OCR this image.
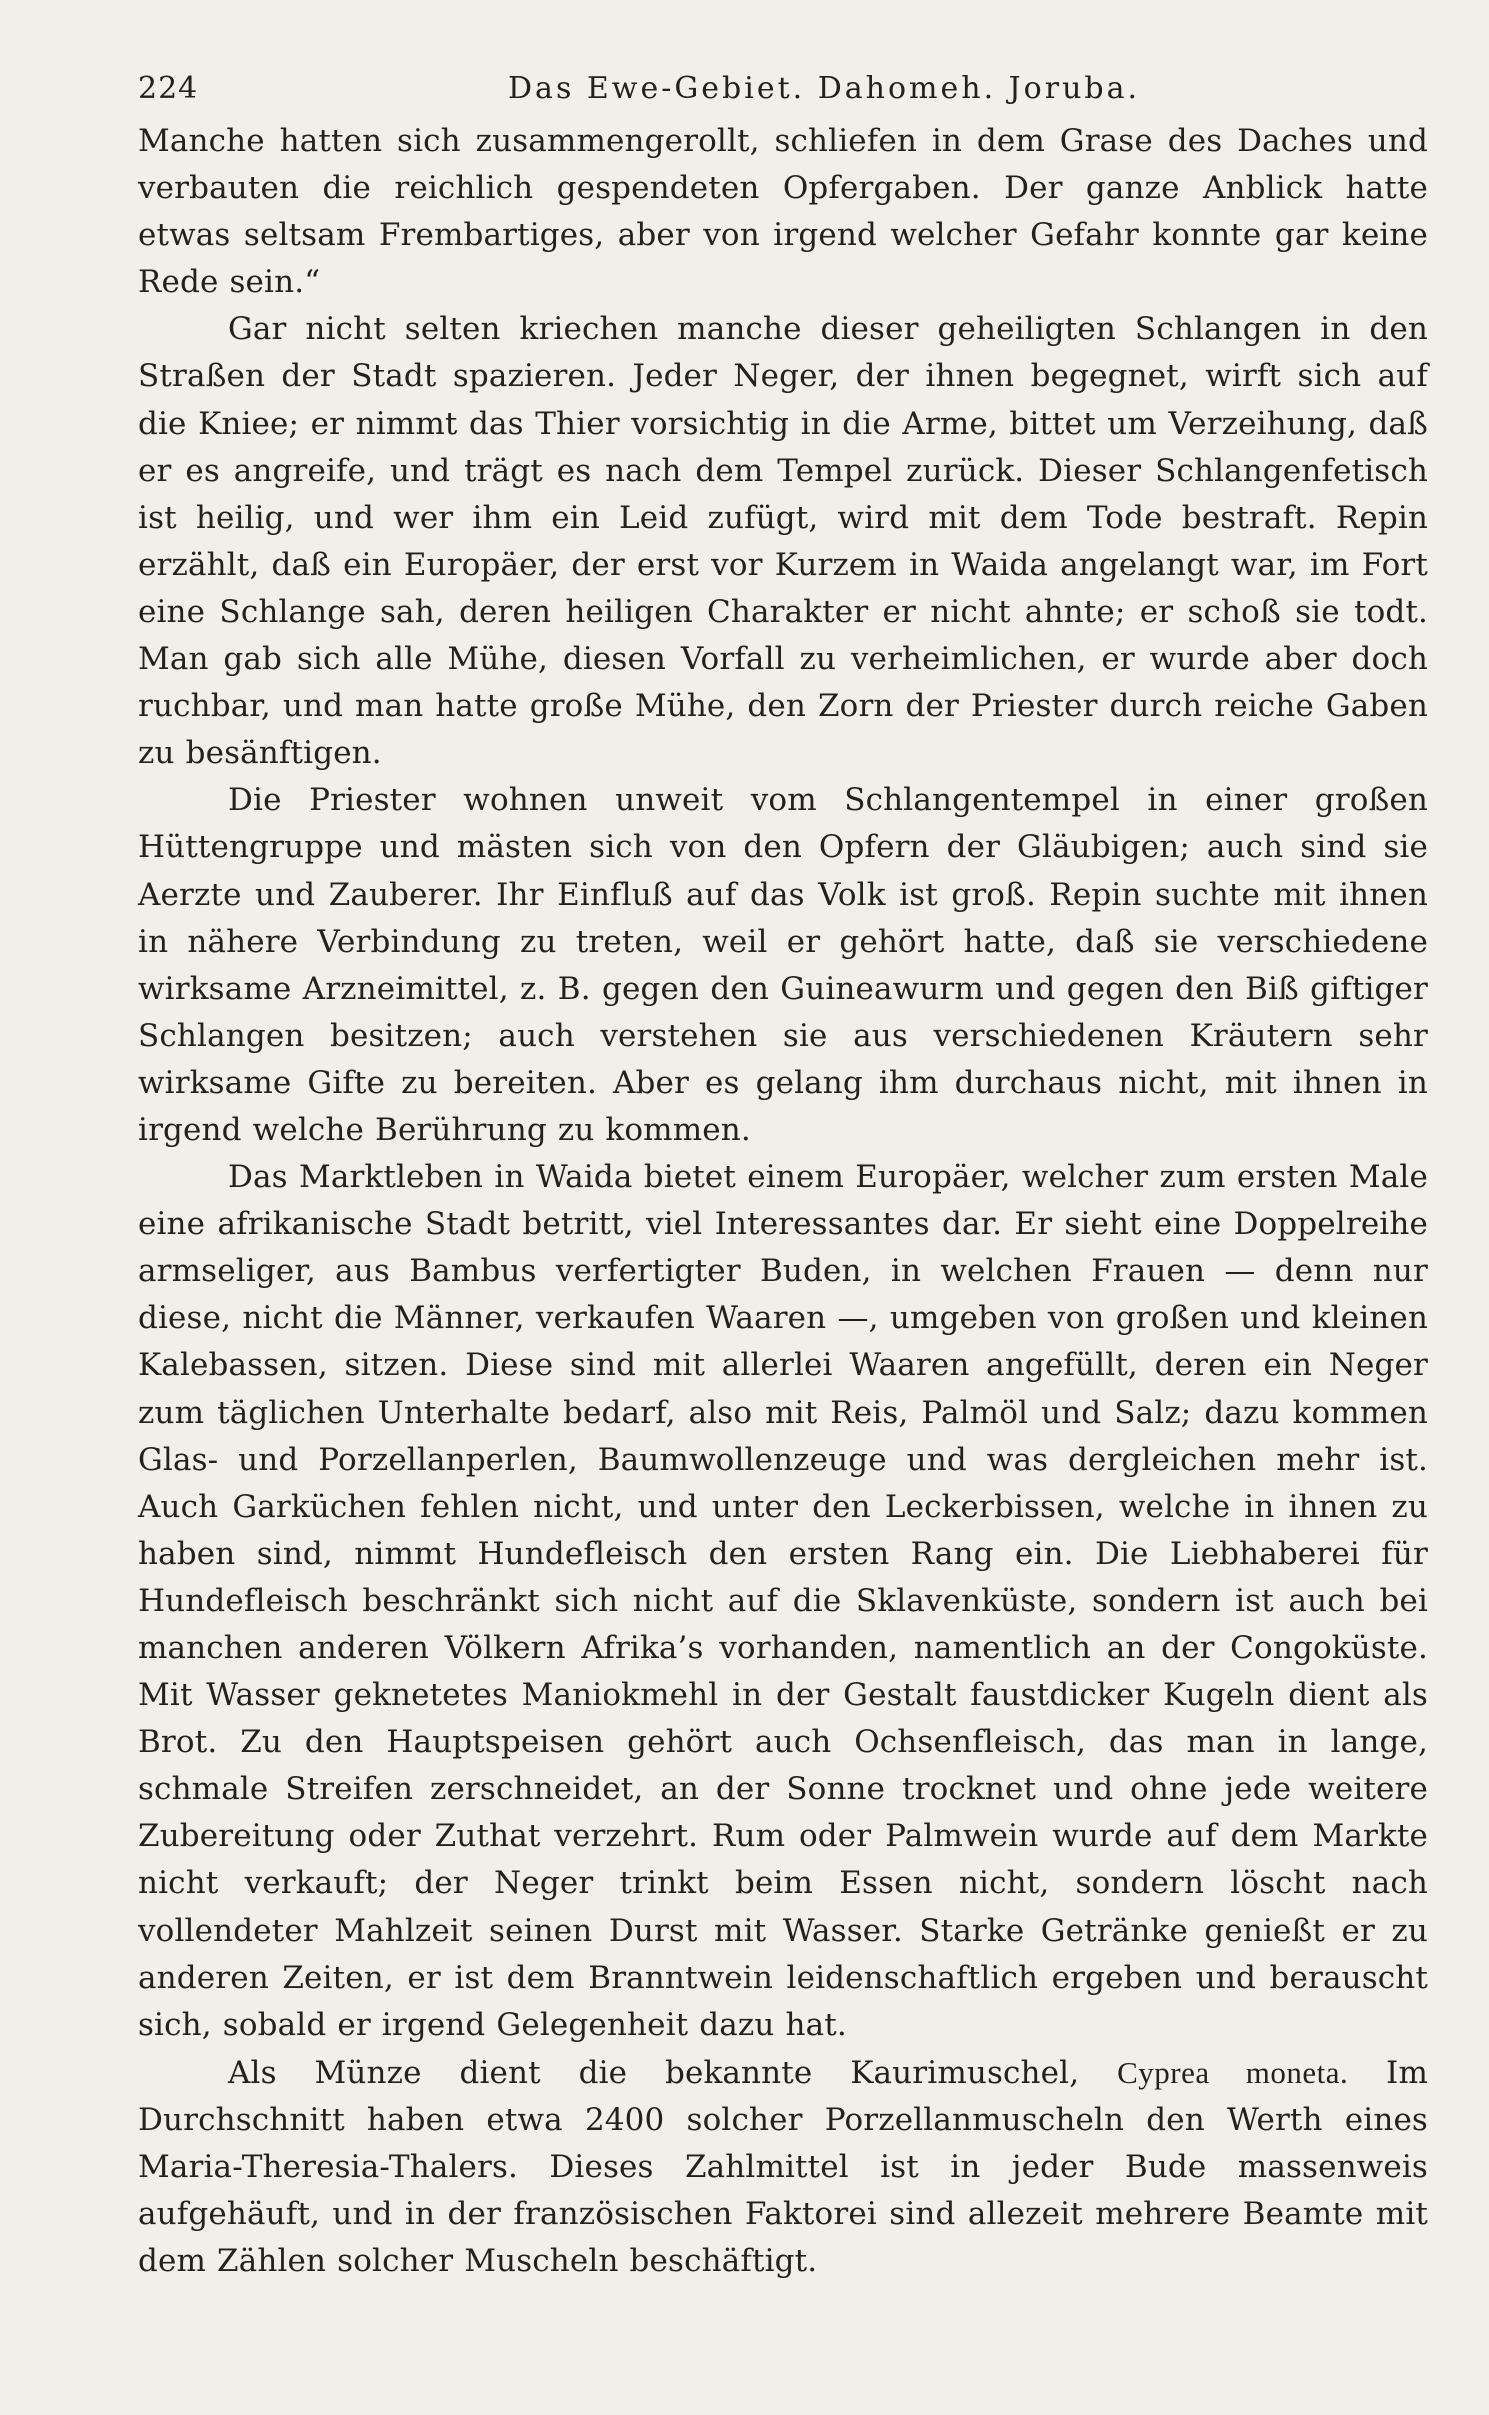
224	Das Ewe-Gebiet. Dahomeh. Joruba.

Manche hatten sich zusammengerollt, schliefen in dem Grase des Daches und verbauten die reichlich gespendeten Opfergaben. Der ganze Anblick hatte etwas seltsam Frembartiges, aber von irgend welcher Gefahr konnte gar keine Rede sein.“

Gar nicht selten kriechen manche dieser geheiligten Schlangen in den Straßen der Stadt spazieren. Jeder Neger, der ihnen begegnet, wirft sich auf die Kniee; er nimmt das Thier vorsichtig in die Arme, bittet um Verzeihung, daß er es angreife, und trägt es nach dem Tempel zurück. Dieser Schlangenfetisch ist heilig, und wer ihm ein Leid zufügt, wird mit dem Tode bestraft. Repin erzählt, daß ein Europäer, der erst vor Kurzem in Waida angelangt war, im Fort eine Schlange sah, deren heiligen Charakter er nicht ahnte; er schoß sie todt. Man gab sich alle Mühe, diesen Vorfall zu verheimlichen, er wurde aber doch ruchbar, und man hatte große Mühe, den Zorn der Priester durch reiche Gaben zu besänftigen.

Die Priester wohnen unweit vom Schlangentempel in einer großen Hüttengruppe und mästen sich von den Opfern der Gläubigen; auch sind sie Aerzte und Zauberer. Ihr Einfluß auf das Volk ist groß. Repin suchte mit ihnen in nähere Verbindung zu treten, weil er gehört hatte, daß sie verschiedene wirksame Arzneimittel, z. B. gegen den Guineawurm und gegen den Biß giftiger Schlangen besitzen; auch verstehen sie aus verschiedenen Kräutern sehr wirksame Gifte zu bereiten. Aber es gelang ihm durchaus nicht, mit ihnen in irgend welche Berührung zu kommen.

Das Marktleben in Waida bietet einem Europäer, welcher zum ersten Male eine afrikanische Stadt betritt, viel Interessantes dar. Er sieht eine Doppelreihe armseliger, aus Bambus verfertigter Buden, in welchen Frauen — denn nur diese, nicht die Männer, verkaufen Waaren —, umgeben von großen und kleinen Kalebassen, sitzen. Diese sind mit allerlei Waaren angefüllt, deren ein Neger zum täglichen Unterhalte bedarf, also mit Reis, Palmöl und Salz; dazu kommen Glas- und Porzellanperlen, Baumwollenzeuge und was dergleichen mehr ist. Auch Garküchen fehlen nicht, und unter den Leckerbissen, welche in ihnen zu haben sind, nimmt Hundefleisch den ersten Rang ein. Die Liebhaberei für Hundefleisch beschränkt sich nicht auf die Sklavenküste, sondern ist auch bei manchen anderen Völkern Afrika’s vorhanden, namentlich an der Congoküste. Mit Wasser geknetetes Maniokmehl in der Gestalt faustdicker Kugeln dient als Brot. Zu den Hauptspeisen gehört auch Ochsenfleisch, das man in lange, schmale Streifen zerschneidet, an der Sonne trocknet und ohne jede weitere Zubereitung oder Zuthat verzehrt. Rum oder Palmwein wurde auf dem Markte nicht verkauft; der Neger trinkt beim Essen nicht, sondern löscht nach vollendeter Mahlzeit seinen Durst mit Wasser. Starke Getränke genießt er zu anderen Zeiten, er ist dem Branntwein leidenschaftlich ergeben und berauscht sich, sobald er irgend Gelegenheit dazu hat.

Als Münze dient die bekannte Kaurimuschel, Cyprea moneta. Im Durchschnitt haben etwa 2400 solcher Porzellanmuscheln den Werth eines Maria-Theresia-Thalers. Dieses Zahlmittel ist in jeder Bude massenweis aufgehäuft, und in der französischen Faktorei sind allezeit mehrere Beamte mit dem Zählen solcher Muscheln beschäftigt.
